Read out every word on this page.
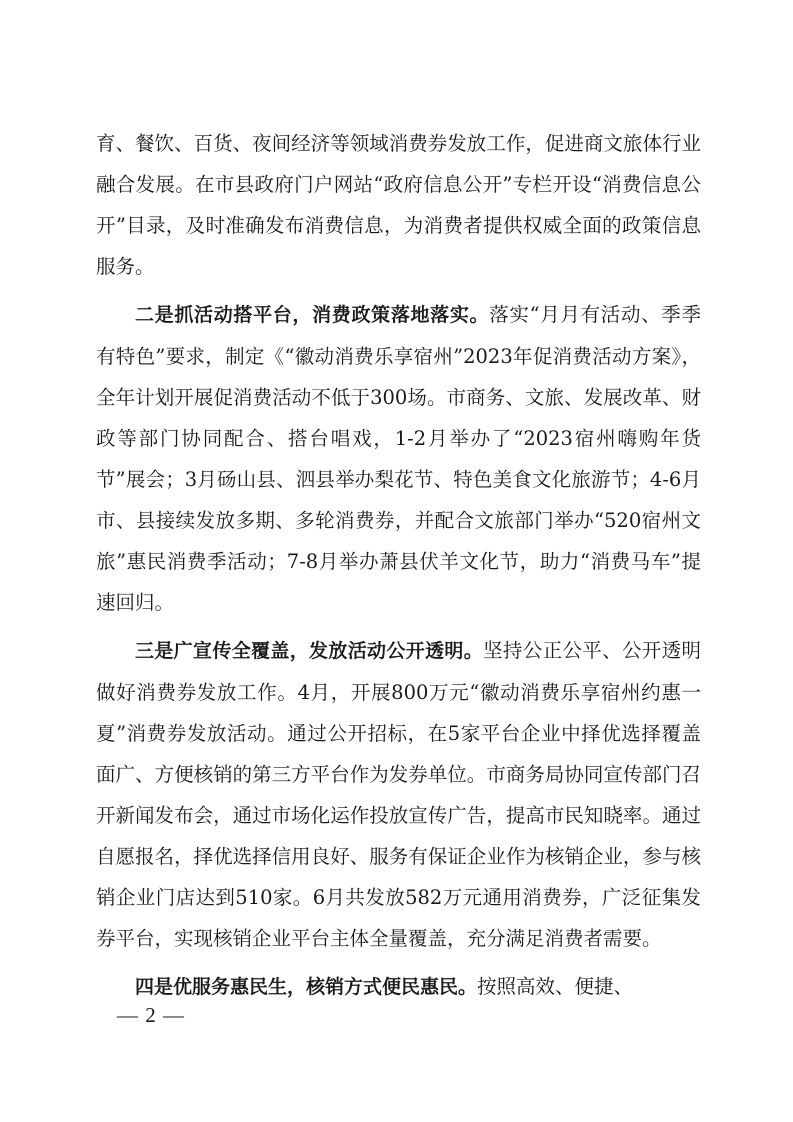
育、餐饮、百货、夜间经济等领域消费券发放工作，促进商文旅体行业融合发展。在市县政府门户网站“政府信息公开”专栏开设“消费信息公开”目录，及时准确发布消费信息，为消费者提供权威全面的政策信息服务。

二是抓活动搭平台，消费政策落地落实。落实“月月有活动、季季有特色”要求，制定《“徽动消费乐享宿州”2023年促消费活动方案》，全年计划开展促消费活动不低于300场。市商务、文旅、发展改革、财政等部门协同配合、搭台唱戏，1-2月举办了“2023宿州嗨购年货节”展会；3月砀山县、泗县举办梨花节、特色美食文化旅游节；4-6月市、县接续发放多期、多轮消费券，并配合文旅部门举办“520宿州文旅”惠民消费季活动；7-8月举办萧县伏羊文化节，助力“消费马车”提速回归。

三是广宣传全覆盖，发放活动公开透明。坚持公正公平、公开透明做好消费券发放工作。4月，开展800万元“徽动消费乐享宿州约惠一夏”消费券发放活动。通过公开招标，在5家平台企业中择优选择覆盖面广、方便核销的第三方平台作为发券单位。市商务局协同宣传部门召开新闻发布会，通过市场化运作投放宣传广告，提高市民知晓率。通过自愿报名，择优选择信用良好、服务有保证企业作为核销企业，参与核销企业门店达到510家。6月共发放582万元通用消费券，广泛征集发券平台，实现核销企业平台主体全量覆盖，充分满足消费者需要。

四是优服务惠民生，核销方式便民惠民。按照高效、便捷、

— 2 —
